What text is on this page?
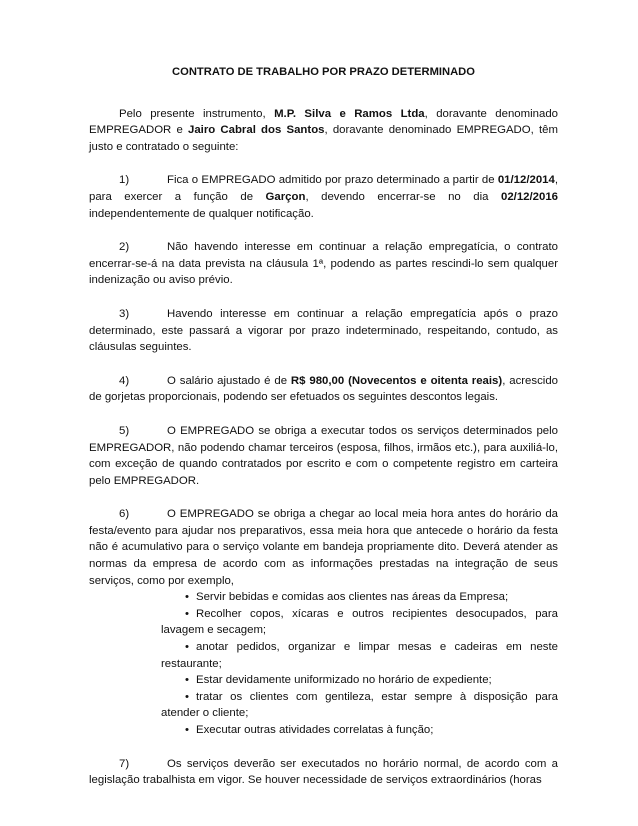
CONTRATO DE TRABALHO POR PRAZO DETERMINADO
Pelo presente instrumento, M.P. Silva e Ramos Ltda, doravante denominado EMPREGADOR e Jairo Cabral dos Santos, doravante denominado EMPREGADO, têm justo e contratado o seguinte:
1)	Fica o EMPREGADO admitido por prazo determinado a partir de 01/12/2014, para exercer a função de Garçon, devendo encerrar-se no dia 02/12/2016 independentemente de qualquer notificação.
2)	Não havendo interesse em continuar a relação empregatícia, o contrato encerrar-se-á na data prevista na cláusula 1ª, podendo as partes rescindi-lo sem qualquer indenização ou aviso prévio.
3)	Havendo interesse em continuar a relação empregatícia após o prazo determinado, este passará a vigorar por prazo indeterminado, respeitando, contudo, as cláusulas seguintes.
4)	O salário ajustado é de R$ 980,00 (Novecentos e oitenta reais), acrescido de gorjetas proporcionais, podendo ser efetuados os seguintes descontos legais.
5)	O EMPREGADO se obriga a executar todos os serviços determinados pelo EMPREGADOR, não podendo chamar terceiros (esposa, filhos, irmãos etc.), para auxiliá-lo, com exceção de quando contratados por escrito e com o competente registro em carteira pelo EMPREGADOR.
6)	O EMPREGADO se obriga a chegar ao local meia hora antes do horário da festa/evento para ajudar nos preparativos, essa meia hora que antecede o horário da festa não é acumulativo para o serviço volante em bandeja propriamente dito. Deverá atender as normas da empresa de acordo com as informações prestadas na integração de seus serviços, como por exemplo,
• Servir bebidas e comidas aos clientes nas áreas da Empresa;
• Recolher copos, xícaras e outros recipientes desocupados, para lavagem e secagem;
• anotar pedidos, organizar e limpar mesas e cadeiras em neste restaurante;
• Estar devidamente uniformizado no horário de expediente;
• tratar os clientes com gentileza, estar sempre à disposição para atender o cliente;
• Executar outras atividades correlatas à função;
7)	Os serviços deverão ser executados no horário normal, de acordo com a legislação trabalhista em vigor. Se houver necessidade de serviços extraordinários (horas
